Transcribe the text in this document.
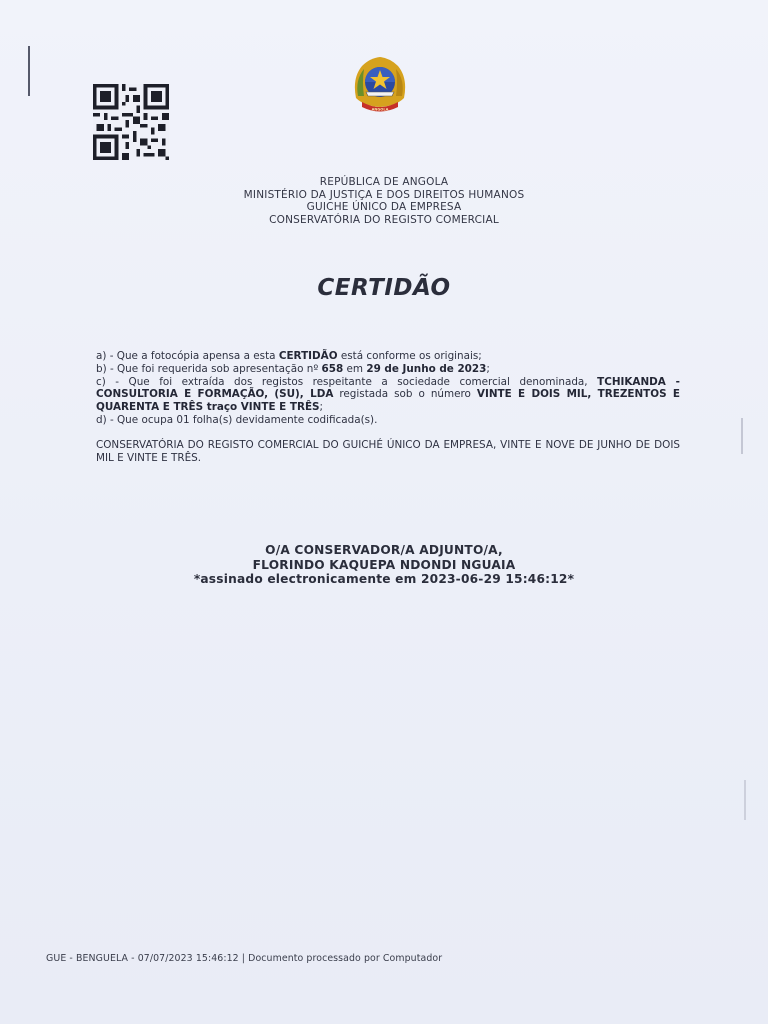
ANGOLA
REPÚBLICA DE ANGOLA
MINISTÉRIO DA JUSTIÇA E DOS DIREITOS HUMANOS
GUICHE ÚNICO DA EMPRESA
CONSERVATÓRIA DO REGISTO COMERCIAL
CERTIDÃO

a) - Que a fotocópia apensa a esta CERTIDÃO está conforme os originais;

b) - Que foi requerida sob apresentação nº 658 em 29 de Junho de 2023;

c) - Que foi extraída dos registos respeitante a sociedade comercial denominada, TCHIKANDA - CONSULTORIA E FORMAÇÃO, (SU), LDA registada sob o número VINTE E DOIS MIL, TREZENTOS E QUARENTA E TRÊS traço VINTE E TRÊS;

d) - Que ocupa 01 folha(s) devidamente codificada(s).

CONSERVATÓRIA DO REGISTO COMERCIAL DO GUICHÉ ÚNICO DA EMPRESA, VINTE E NOVE DE JUNHO DE DOIS MIL E VINTE E TRÊS.

O/A CONSERVADOR/A ADJUNTO/A,
FLORINDO KAQUEPA NDONDI NGUAIA
*assinado electronicamente em 2023-06-29 15:46:12*
GUE - BENGUELA - 07/07/2023 15:46:12 | Documento processado por Computador
